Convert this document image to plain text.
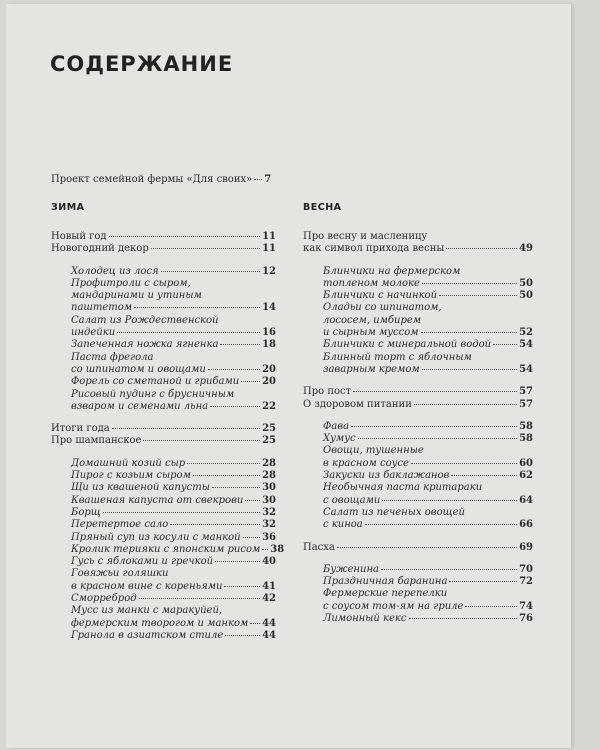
СОДЕРЖАНИЕ
Проект семейной фермы «Для своих» 7
ЗИМА
Новый год	11
Новогодний декор	11
Холодец из лося	12
Профитроли с сыром,
мандаринами и утиным
паштетом	14
Салат из Рождественской
индейки	16
Запеченная ножка ягненка	18
Паста фрегола
со шпинатом и овощами	20
Форель со сметаной и грибами 20
Рисовый пудинг с брусничным
взваром и семенами льна	22
Итоги года	25
Про шампанское	25
Домашний козий сыр	28
Пирог с козьим сыром	28
Щи из квашеной капусты	30
Квашеная капуста от свекрови 30
Борщ	32
Перетертое сало	32
Пряный суп из косули с манкой 36
Кролик терияки с японским рисом 38
Гусь с яблоками и гречкой	40
Говяжьи голяшки
в красном вине с кореньями	41
Сморреброд	42
Мусс из манки с маракуйей,
фермерским творогом и манком 44
Гранола в азиатском стиле	44
ВЕСНА
Про весну и масленицу
как символ прихода весны	49
Блинчики на фермерском
топленом молоке	50
Блинчики с начинкой	50
Оладьи со шпинатом,
лососем, имбирем
и сырным муссом	52
Блинчики с минеральной водой	54
Блинный торт с яблочным
заварным кремом	54
Про пост	57
О здоровом питании	57
Фава	58
Хумус	58
Овощи, тушенные
в красном соусе	60
Закуски из баклажанов	62
Необычная паста критараки
с овощами	64
Салат из печеных овощей
с киноа	66
Пасха	69
Буженина	70
Праздничная баранина	72
Фермерские перепелки
с соусом том-ям на гриле	74
Лимонный кекс	76
